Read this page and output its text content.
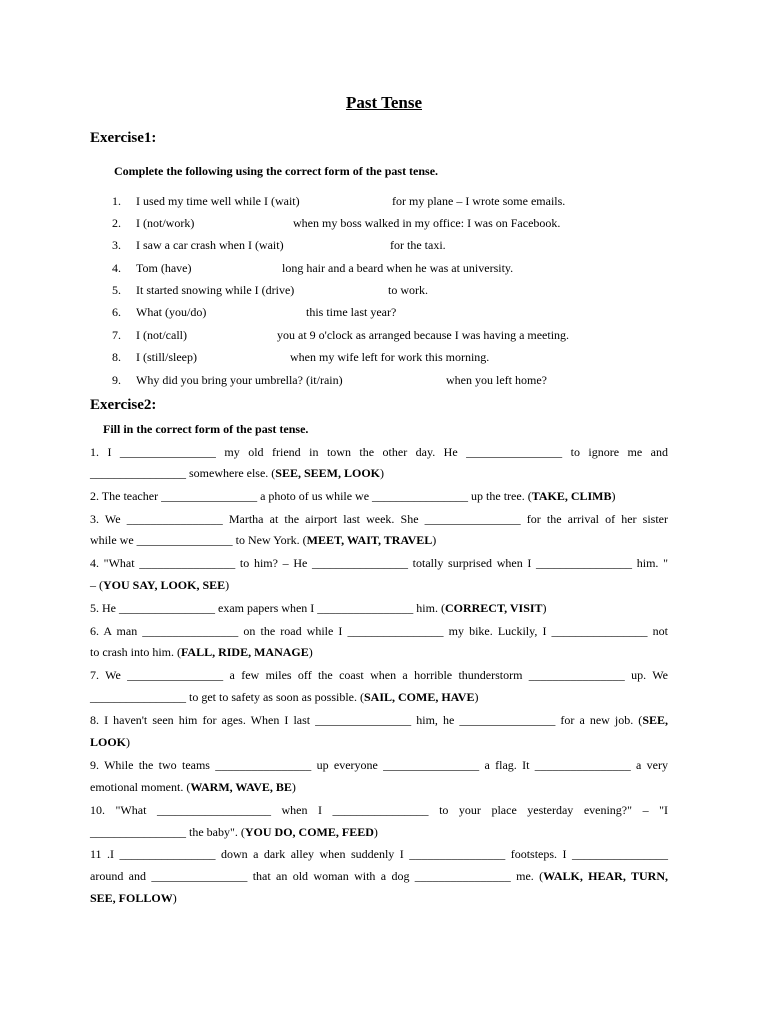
Past Tense
Exercise1:
Complete the following using the correct form of the past tense.
1. I used my time well while I (wait)	for my plane – I wrote some emails.
2. I (not/work)	when my boss walked in my office: I was on Facebook.
3. I saw a car crash when I (wait)	for the taxi.
4. Tom (have)	long hair and a beard when he was at university.
5. It started snowing while I (drive)	to work.
6. What (you/do)	this time last year?
7. I (not/call)	you at 9 o'clock as arranged because I was having a meeting.
8. I (still/sleep)	when my wife left for work this morning.
9. Why did you bring your umbrella? (it/rain)	when you left home?
Exercise2:
Fill in the correct form of the past tense.
1. I ________________ my old friend in town the other day. He ________________ to ignore me and
________________ somewhere else. (SEE, SEEM, LOOK)
2. The teacher ________________ a photo of us while we ________________ up the tree. (TAKE, CLIMB)
3. We ________________ Martha at the airport last week. She ________________ for the arrival of her sister
while we ________________ to New York. (MEET, WAIT, TRAVEL)
4. "What ________________ to him? – He ________________ totally surprised when I ________________ him. "
– (YOU SAY, LOOK, SEE)
5. He ________________ exam papers when I ________________ him. (CORRECT, VISIT)
6. A man ________________ on the road while I ________________ my bike. Luckily, I ________________ not
to crash into him. (FALL, RIDE, MANAGE)
7. We ________________ a few miles off the coast when a horrible thunderstorm ________________ up. We
________________ to get to safety as soon as possible. (SAIL, COME, HAVE)
8. I haven't seen him for ages. When I last ________________ him, he ________________ for a new job. (SEE,
LOOK)
9. While the two teams ________________ up everyone ________________ a flag. It ________________ a very
emotional moment. (WARM, WAVE, BE)
10. "What ___________________ when I ________________ to your place yesterday evening?" – "I
________________ the baby". (YOU DO, COME, FEED)
11 .I ________________ down a dark alley when suddenly I ________________ footsteps. I ________________
around and ________________ that an old woman with a dog ________________ me. (WALK, HEAR, TURN,
SEE, FOLLOW)
